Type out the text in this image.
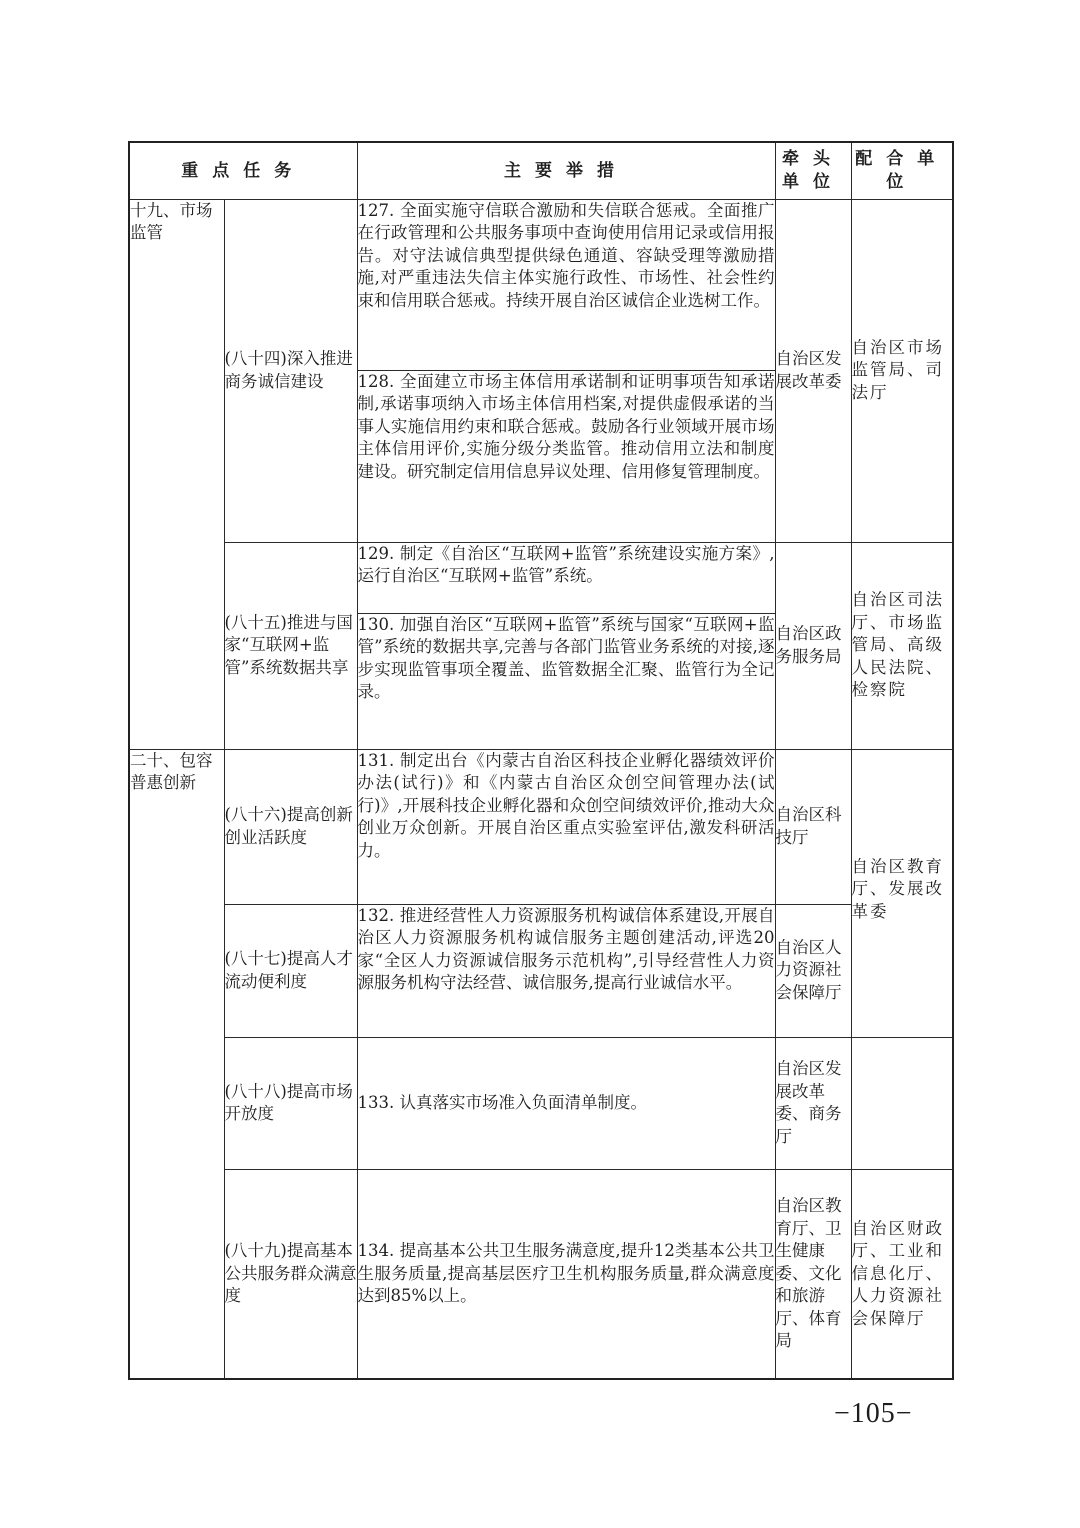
重点任务		主要举措	牵头单位	配合单位
十九、市场监管	(八十四)深入推进商务诚信建设	127. 全面实施守信联合激励和失信联合惩戒。全面推广在行政管理和公共服务事项中查询使用信用记录或信用报告。对守法诚信典型提供绿色通道、容缺受理等激励措施,对严重违法失信主体实施行政性、市场性、社会性约束和信用联合惩戒。持续开展自治区诚信企业选树工作。	自治区发展改革委	自治区市场监管局、司法厅
		128. 全面建立市场主体信用承诺制和证明事项告知承诺制,承诺事项纳入市场主体信用档案,对提供虚假承诺的当事人实施信用约束和联合惩戒。鼓励各行业领域开展市场主体信用评价,实施分级分类监管。推动信用立法和制度建设。研究制定信用信息异议处理、信用修复管理制度。		
	(八十五)推进与国家“互联网+监管”系统数据共享	129. 制定《自治区“互联网+监管”系统建设实施方案》,运行自治区“互联网+监管”系统。	自治区政务服务局	自治区司法厅、市场监管局、高级人民法院、检察院
		130. 加强自治区“互联网+监管”系统与国家“互联网+监管”系统的数据共享,完善与各部门监管业务系统的对接,逐步实现监管事项全覆盖、监管数据全汇聚、监管行为全记录。		
二十、包容普惠创新	(八十六)提高创新创业活跃度	131. 制定出台《内蒙古自治区科技企业孵化器绩效评价办法(试行)》和《内蒙古自治区众创空间管理办法(试行)》,开展科技企业孵化器和众创空间绩效评价,推动大众创业万众创新。开展自治区重点实验室评估,激发科研活力。	自治区科技厅	自治区教育厅、发展改革委
	(八十七)提高人才流动便利度	132. 推进经营性人力资源服务机构诚信体系建设,开展自治区人力资源服务机构诚信服务主题创建活动,评选20家“全区人力资源诚信服务示范机构”,引导经营性人力资源服务机构守法经营、诚信服务,提高行业诚信水平。	自治区人力资源社会保障厅	
	(八十八)提高市场开放度	133. 认真落实市场准入负面清单制度。	自治区发展改革委、商务厅	
	(八十九)提高基本公共服务群众满意度	134. 提高基本公共卫生服务满意度,提升12类基本公共卫生服务质量,提高基层医疗卫生机构服务质量,群众满意度达到85%以上。	自治区教育厅、卫生健康委、文化和旅游厅、体育局	自治区财政厅、工业和信息化厅、人力资源社会保障厅
−105−
